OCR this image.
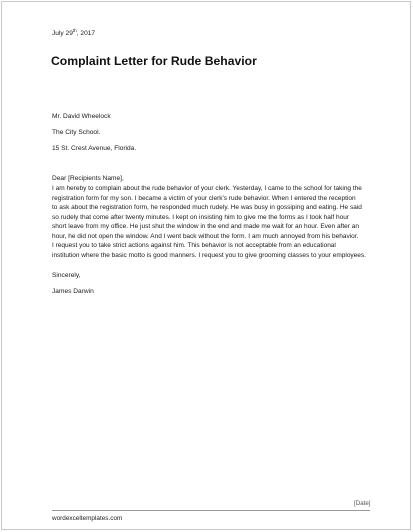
July 29th, 2017
Complaint Letter for Rude Behavior
Mr. David Wheelock
The City School.
15 St. Crest Avenue, Florida.
Dear [Recipients Name],
I am hereby to complain about the rude behavior of your clerk. Yesterday, I came to the school for taking the
registration form for my son. I became a victim of your clerk's rude behavior. When I entered the reception
to ask about the registration form, he responded much rudely. He was busy in gossiping and eating. He said
so rudely that come after twenty minutes. I kept on insisting him to give me the forms as I took half hour
short leave from my office. He just shut the window in the end and made me wait for an hour. Even after an
hour, he did not open the window. And I went back without the form. I am much annoyed from his behavior.
I request you to take strict actions against him. This behavior is not acceptable from an educational
institution where the basic motto is good manners. I request you to give grooming classes to your employees.
Sincerely,
James Darwin
[Date]
wordexceltemplates.com
